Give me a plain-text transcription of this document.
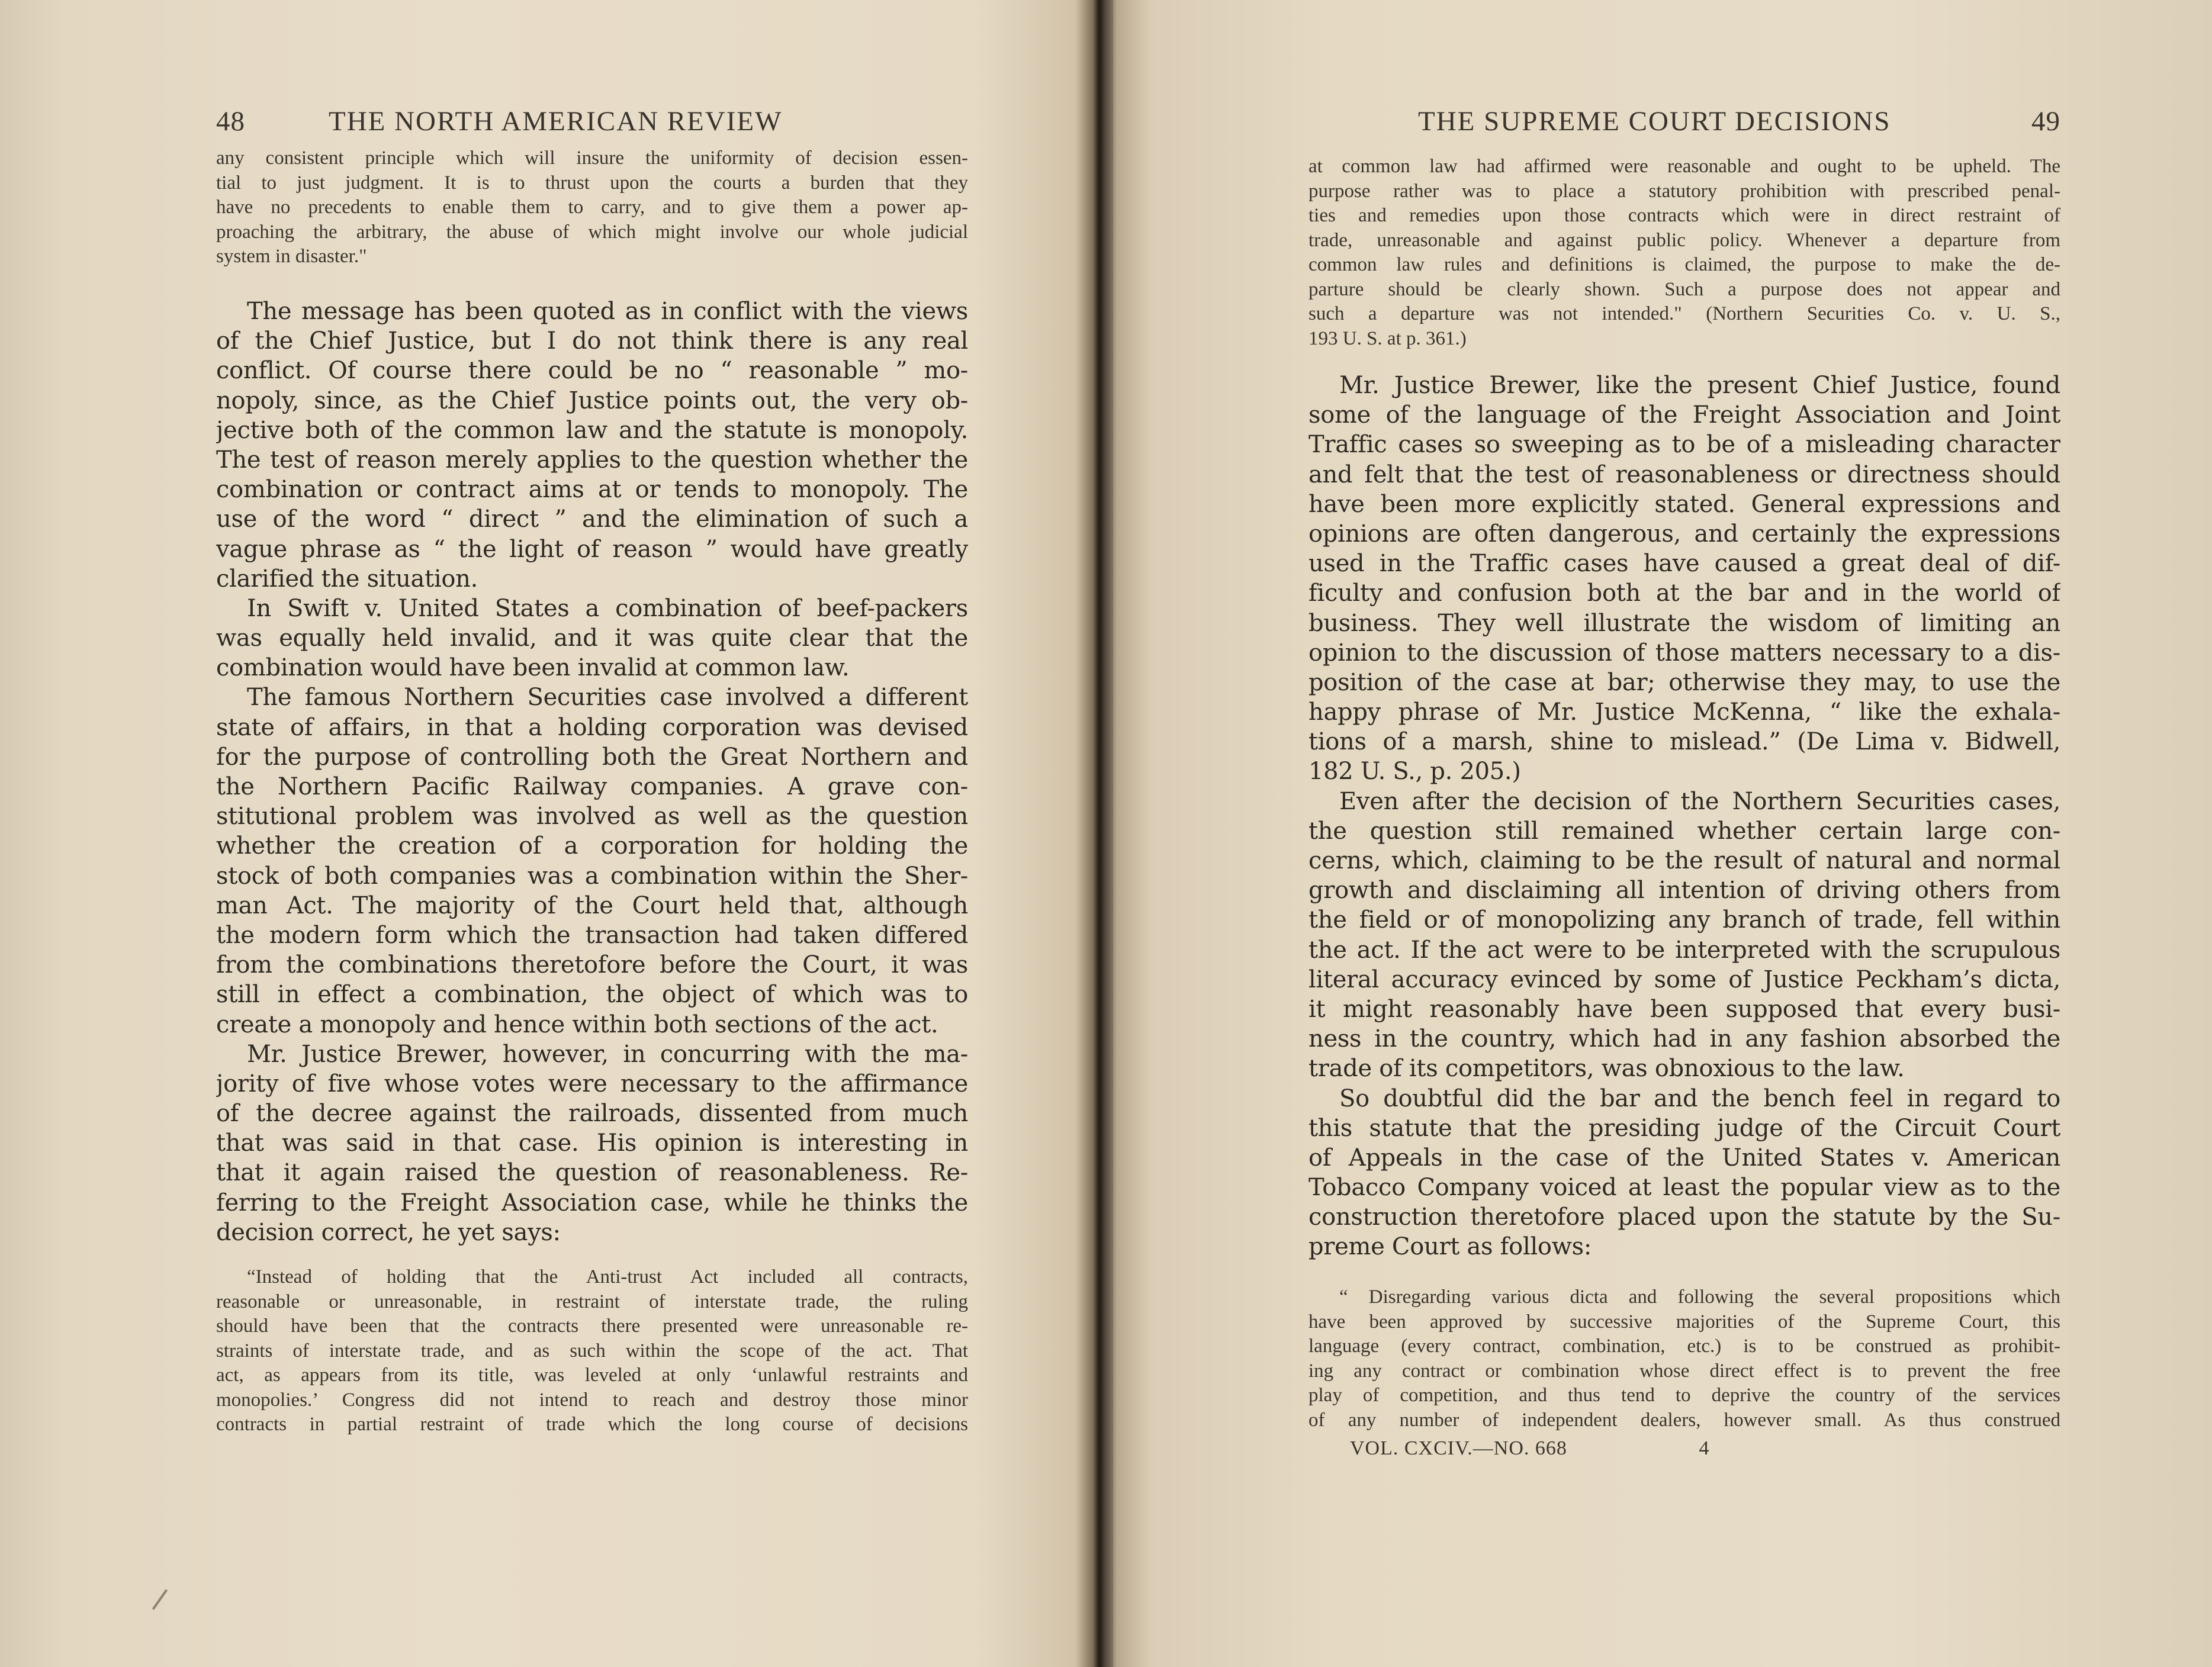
48	THE NORTH AMERICAN REVIEW
any consistent principle which will insure the uniformity of decision essen-
tial to just judgment. It is to thrust upon the courts a burden that they
have no precedents to enable them to carry, and to give them a power ap-
proaching the arbitrary, the abuse of which might involve our whole judicial
system in disaster."
The message has been quoted as in conflict with the views
of the Chief Justice, but I do not think there is any real
conflict. Of course there could be no “ reasonable ” mo-
nopoly, since, as the Chief Justice points out, the very ob-
jective both of the common law and the statute is monopoly.
The test of reason merely applies to the question whether the
combination or contract aims at or tends to monopoly. The
use of the word “ direct ” and the elimination of such a
vague phrase as “ the light of reason ” would have greatly
clarified the situation.
In Swift v. United States a combination of beef-packers
was equally held invalid, and it was quite clear that the
combination would have been invalid at common law.
The famous Northern Securities case involved a different
state of affairs, in that a holding corporation was devised
for the purpose of controlling both the Great Northern and
the Northern Pacific Railway companies. A grave con-
stitutional problem was involved as well as the question
whether the creation of a corporation for holding the
stock of both companies was a combination within the Sher-
man Act. The majority of the Court held that, although
the modern form which the transaction had taken differed
from the combinations theretofore before the Court, it was
still in effect a combination, the object of which was to
create a monopoly and hence within both sections of the act.
Mr. Justice Brewer, however, in concurring with the ma-
jority of five whose votes were necessary to the affirmance
of the decree against the railroads, dissented from much
that was said in that case. His opinion is interesting in
that it again raised the question of reasonableness. Re-
ferring to the Freight Association case, while he thinks the
decision correct, he yet says:
“Instead of holding that the Anti-trust Act included all contracts,
reasonable or unreasonable, in restraint of interstate trade, the ruling
should have been that the contracts there presented were unreasonable re-
straints of interstate trade, and as such within the scope of the act. That
act, as appears from its title, was leveled at only ‘unlawful restraints and
monopolies.’ Congress did not intend to reach and destroy those minor
contracts in partial restraint of trade which the long course of decisions
THE SUPREME COURT DECISIONS	49
at common law had affirmed were reasonable and ought to be upheld. The
purpose rather was to place a statutory prohibition with prescribed penal-
ties and remedies upon those contracts which were in direct restraint of
trade, unreasonable and against public policy. Whenever a departure from
common law rules and definitions is claimed, the purpose to make the de-
parture should be clearly shown. Such a purpose does not appear and
such a departure was not intended." (Northern Securities Co. v. U. S.,
193 U. S. at p. 361.)
Mr. Justice Brewer, like the present Chief Justice, found
some of the language of the Freight Association and Joint
Traffic cases so sweeping as to be of a misleading character
and felt that the test of reasonableness or directness should
have been more explicitly stated. General expressions and
opinions are often dangerous, and certainly the expressions
used in the Traffic cases have caused a great deal of dif-
ficulty and confusion both at the bar and in the world of
business. They well illustrate the wisdom of limiting an
opinion to the discussion of those matters necessary to a dis-
position of the case at bar; otherwise they may, to use the
happy phrase of Mr. Justice McKenna, “ like the exhala-
tions of a marsh, shine to mislead.” (De Lima v. Bidwell,
182 U. S., p. 205.)
Even after the decision of the Northern Securities cases,
the question still remained whether certain large con-
cerns, which, claiming to be the result of natural and normal
growth and disclaiming all intention of driving others from
the field or of monopolizing any branch of trade, fell within
the act. If the act were to be interpreted with the scrupulous
literal accuracy evinced by some of Justice Peckham’s dicta,
it might reasonably have been supposed that every busi-
ness in the country, which had in any fashion absorbed the
trade of its competitors, was obnoxious to the law.
So doubtful did the bar and the bench feel in regard to
this statute that the presiding judge of the Circuit Court
of Appeals in the case of the United States v. American
Tobacco Company voiced at least the popular view as to the
construction theretofore placed upon the statute by the Su-
preme Court as follows:
“ Disregarding various dicta and following the several propositions which
have been approved by successive majorities of the Supreme Court, this
language (every contract, combination, etc.) is to be construed as prohibit-
ing any contract or combination whose direct effect is to prevent the free
play of competition, and thus tend to deprive the country of the services
of any number of independent dealers, however small. As thus construed
VOL. CXCIV.—NO. 668	4
